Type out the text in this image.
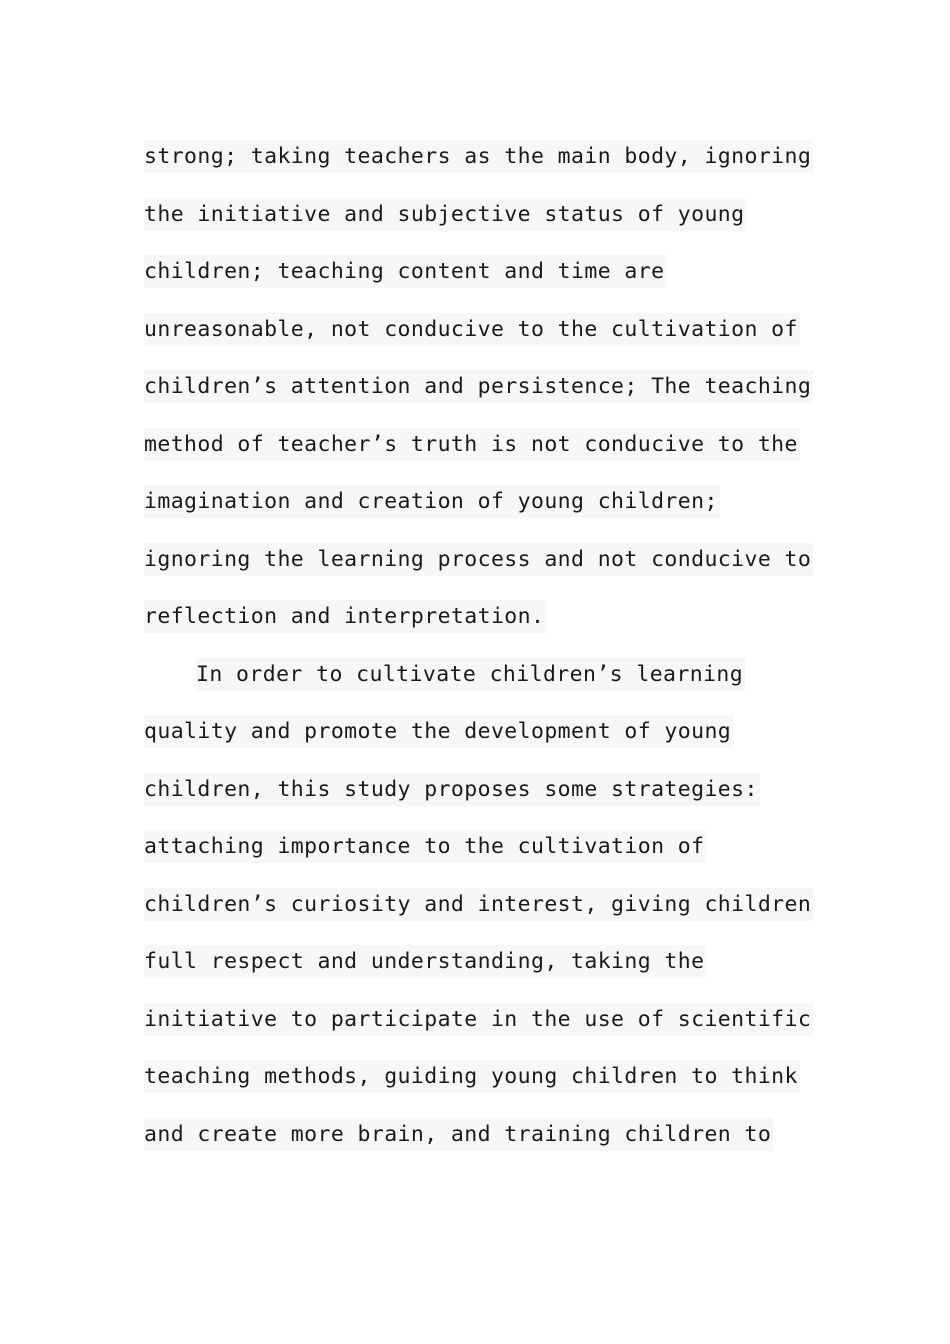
strong; taking teachers as the main body, ignoring
the initiative and subjective status of young
children; teaching content and time are
unreasonable, not conducive to the cultivation of
children’s attention and persistence; The teaching
method of teacher’s truth is not conducive to the
imagination and creation of young children;
ignoring the learning process and not conducive to
reflection and interpretation.
In order to cultivate children’s learning
quality and promote the development of young
children, this study proposes some strategies:
attaching importance to the cultivation of
children’s curiosity and interest, giving children
full respect and understanding, taking the
initiative to participate in the use of scientific
teaching methods, guiding young children to think
and create more brain, and training children to
